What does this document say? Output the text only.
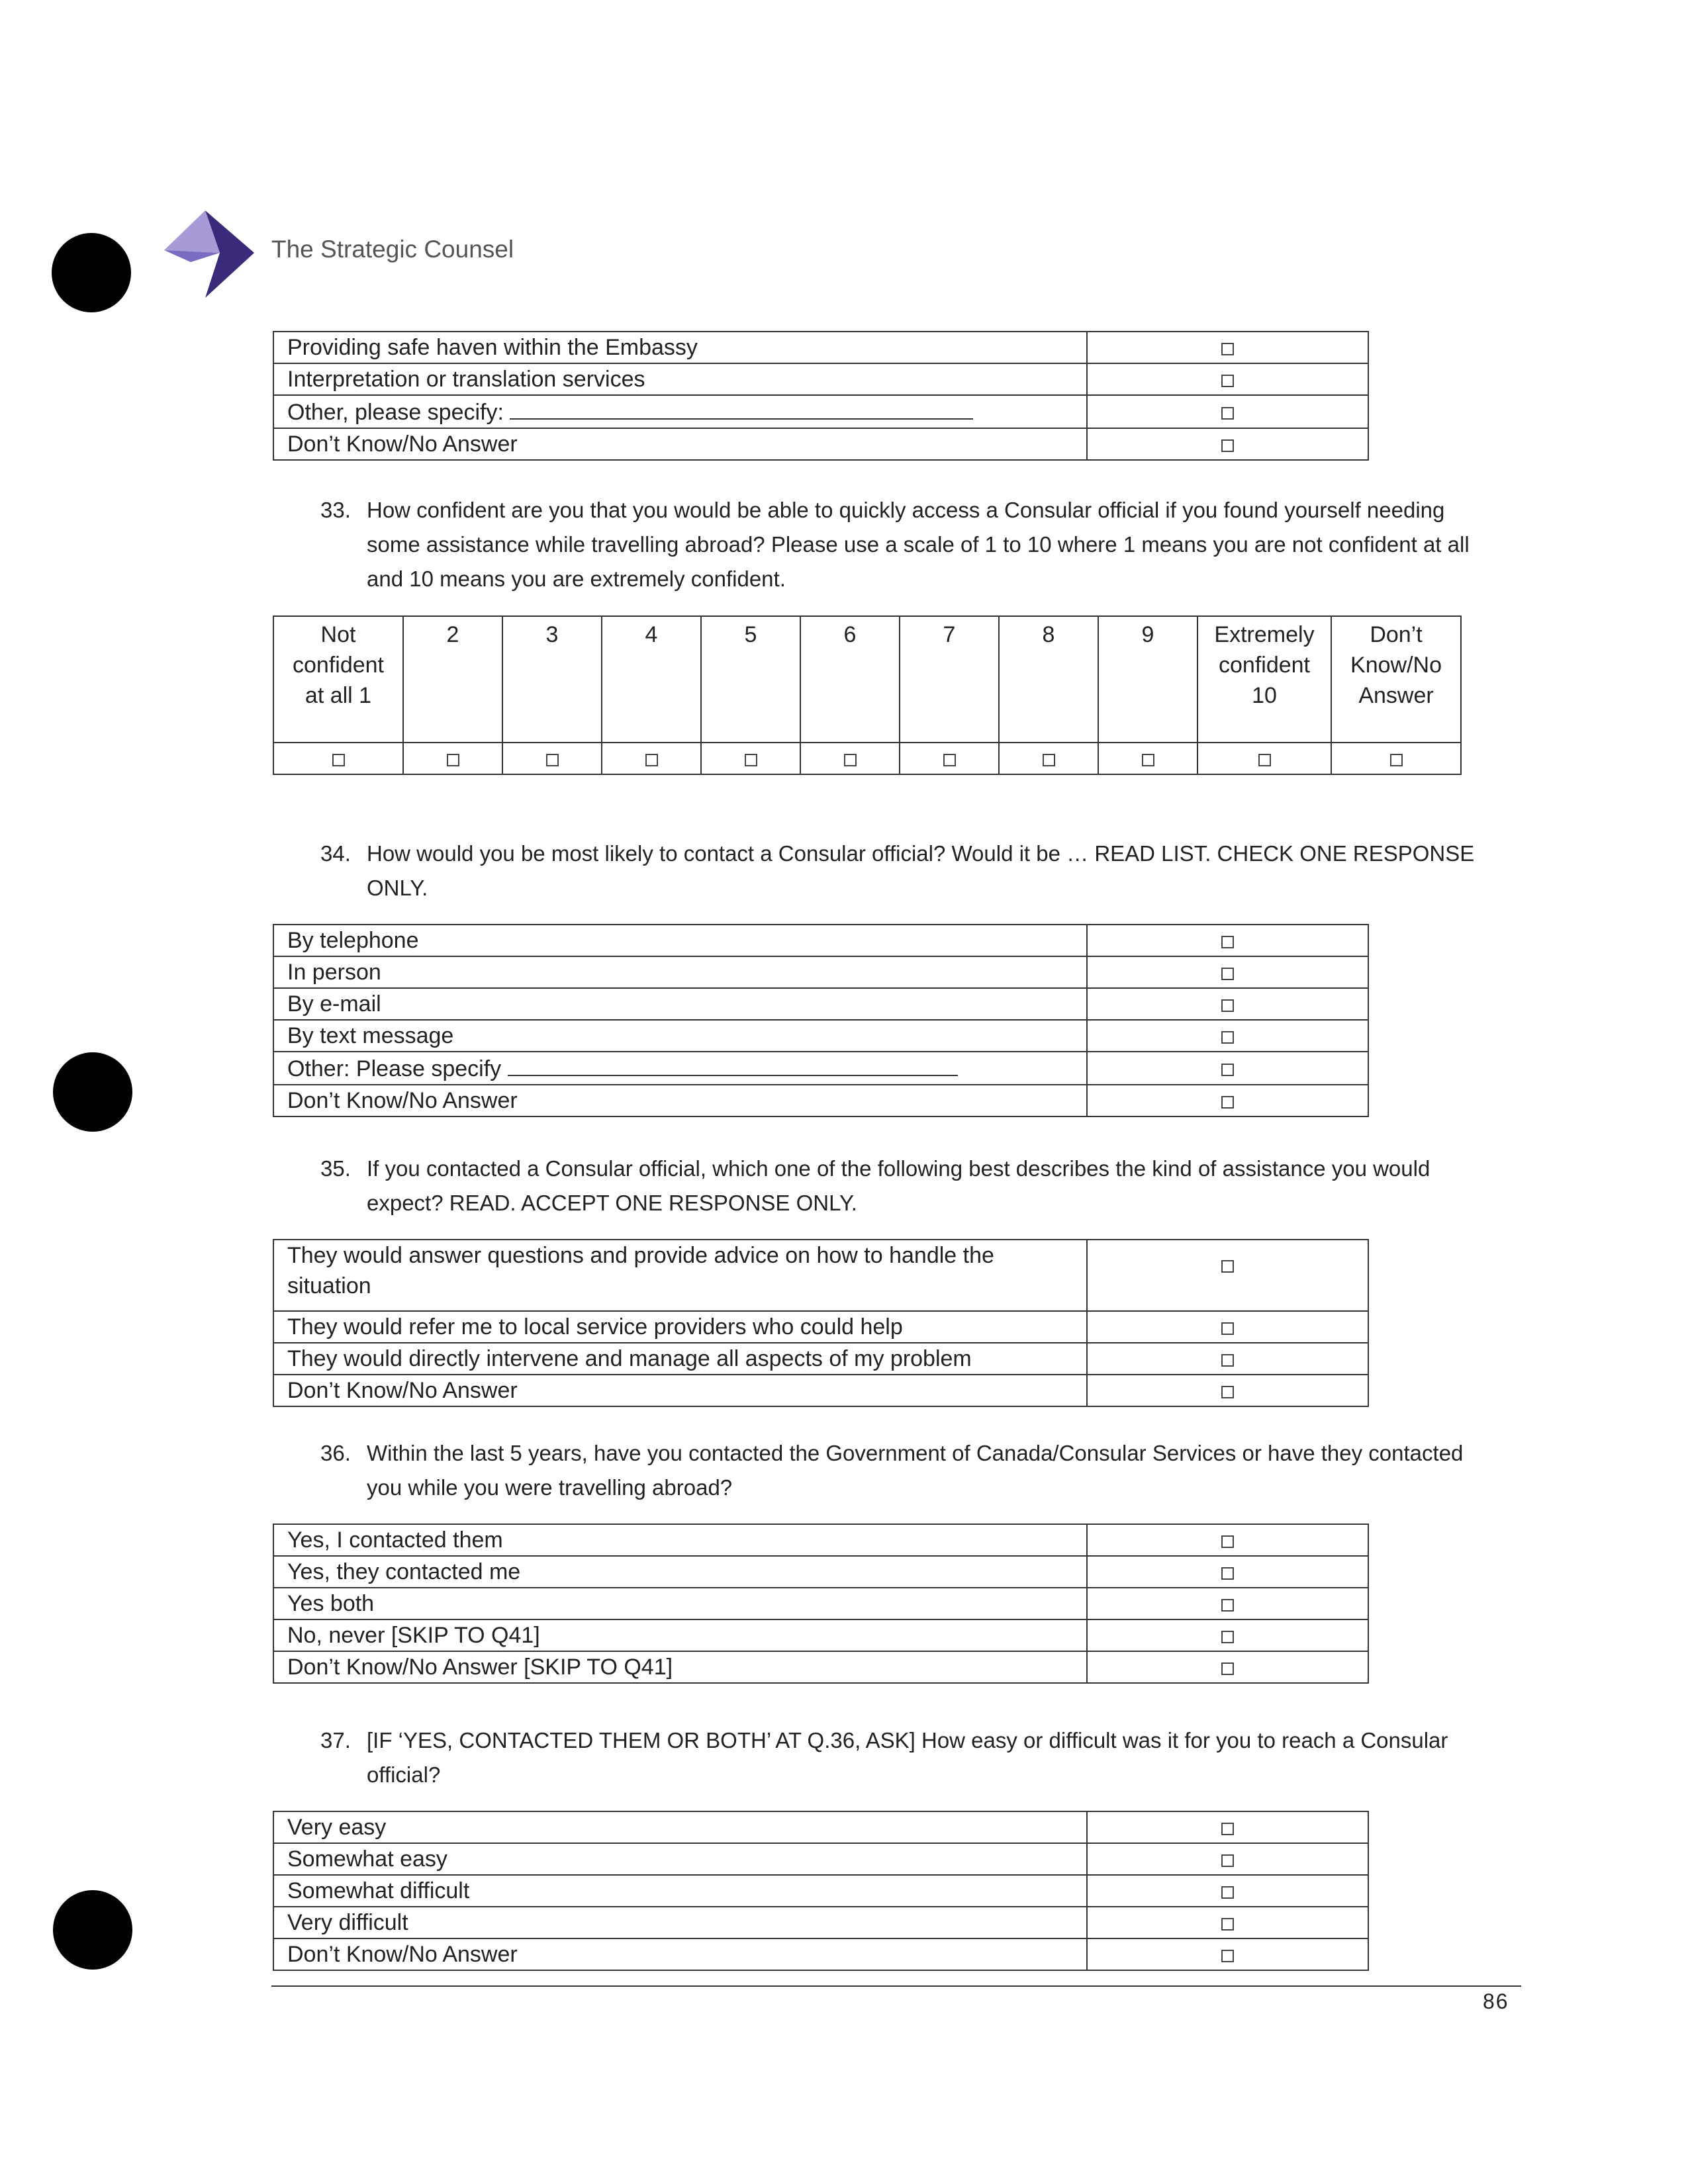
The Strategic Counsel
Providing safe haven within the Embassy	
Interpretation or translation services	
Other, please specify:	
Don’t Know/No Answer	
33. How confident are you that you would be able to quickly access a Consular official if you found yourself needing some assistance while travelling abroad? Please use a scale of 1 to 10 where 1 means you are not confident at all and 10 means you are extremely confident.
Not confident at all 1	2	3	4	5	6	7	8	9	Extremely confident 10	Don’t Know/No Answer

34. How would you be most likely to contact a Consular official? Would it be … READ LIST. CHECK ONE RESPONSE ONLY.
By telephone	
In person	
By e-mail	
By text message	
Other: Please specify	
Don’t Know/No Answer	
35. If you contacted a Consular official, which one of the following best describes the kind of assistance you would expect? READ. ACCEPT ONE RESPONSE ONLY.
They would answer questions and provide advice on how to handle the situation	
They would refer me to local service providers who could help	
They would directly intervene and manage all aspects of my problem	
Don’t Know/No Answer	
36. Within the last 5 years, have you contacted the Government of Canada/Consular Services or have they contacted you while you were travelling abroad?
Yes, I contacted them	
Yes, they contacted me	
Yes both	
No, never [SKIP TO Q41]	
Don’t Know/No Answer [SKIP TO Q41]	
37. [IF ‘YES, CONTACTED THEM OR BOTH’ AT Q.36, ASK] How easy or difficult was it for you to reach a Consular official?
Very easy	
Somewhat easy	
Somewhat difficult	
Very difficult	
Don’t Know/No Answer	
86
